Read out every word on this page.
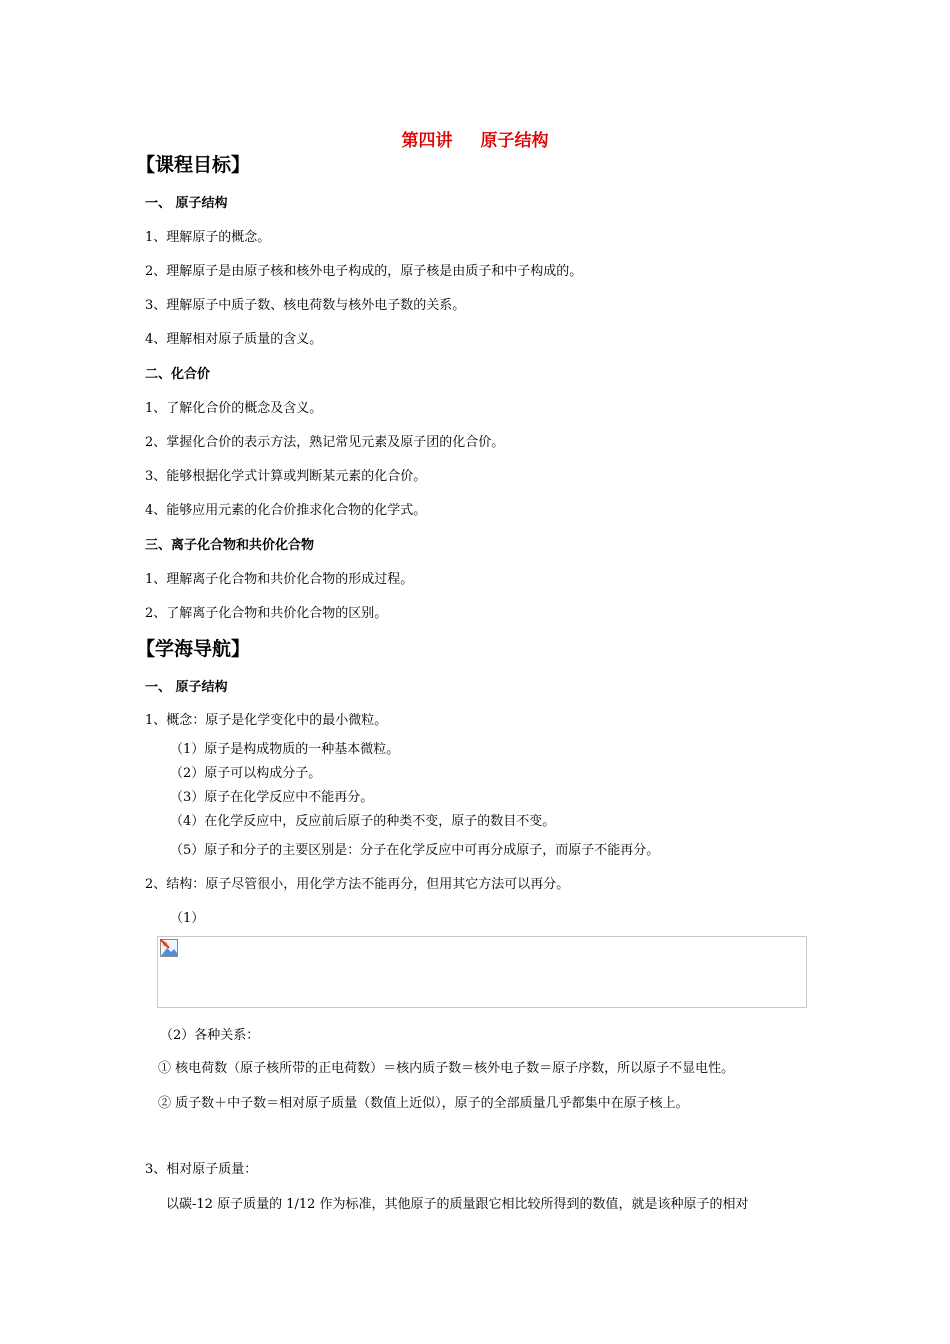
第四讲 原子结构
【课程目标】
一、 原子结构
1、理解原子的概念。
2、理解原子是由原子核和核外电子构成的，原子核是由质子和中子构成的。
3、理解原子中质子数、核电荷数与核外电子数的关系。
4、理解相对原子质量的含义。
二、化合价
1、了解化合价的概念及含义。
2、掌握化合价的表示方法，熟记常见元素及原子团的化合价。
3、能够根据化学式计算或判断某元素的化合价。
4、能够应用元素的化合价推求化合物的化学式。
三、离子化合物和共价化合物
1、理解离子化合物和共价化合物的形成过程。
2、了解离子化合物和共价化合物的区别。
【学海导航】
一、 原子结构
1、概念：原子是化学变化中的最小微粒。
（1）原子是构成物质的一种基本微粒。
（2）原子可以构成分子。
（3）原子在化学反应中不能再分。
（4）在化学反应中，反应前后原子的种类不变，原子的数目不变。
（5）原子和分子的主要区别是：分子在化学反应中可再分成原子，而原子不能再分。
2、结构：原子尽管很小，用化学方法不能再分，但用其它方法可以再分。
（1）
（2）各种关系：
① 核电荷数（原子核所带的正电荷数）＝核内质子数＝核外电子数＝原子序数，所以原子不显电性。
② 质子数＋中子数＝相对原子质量（数值上近似），原子的全部质量几乎都集中在原子核上。
3、相对原子质量：
以碳-12 原子质量的 1/12 作为标准，其他原子的质量跟它相比较所得到的数值，就是该种原子的相对
